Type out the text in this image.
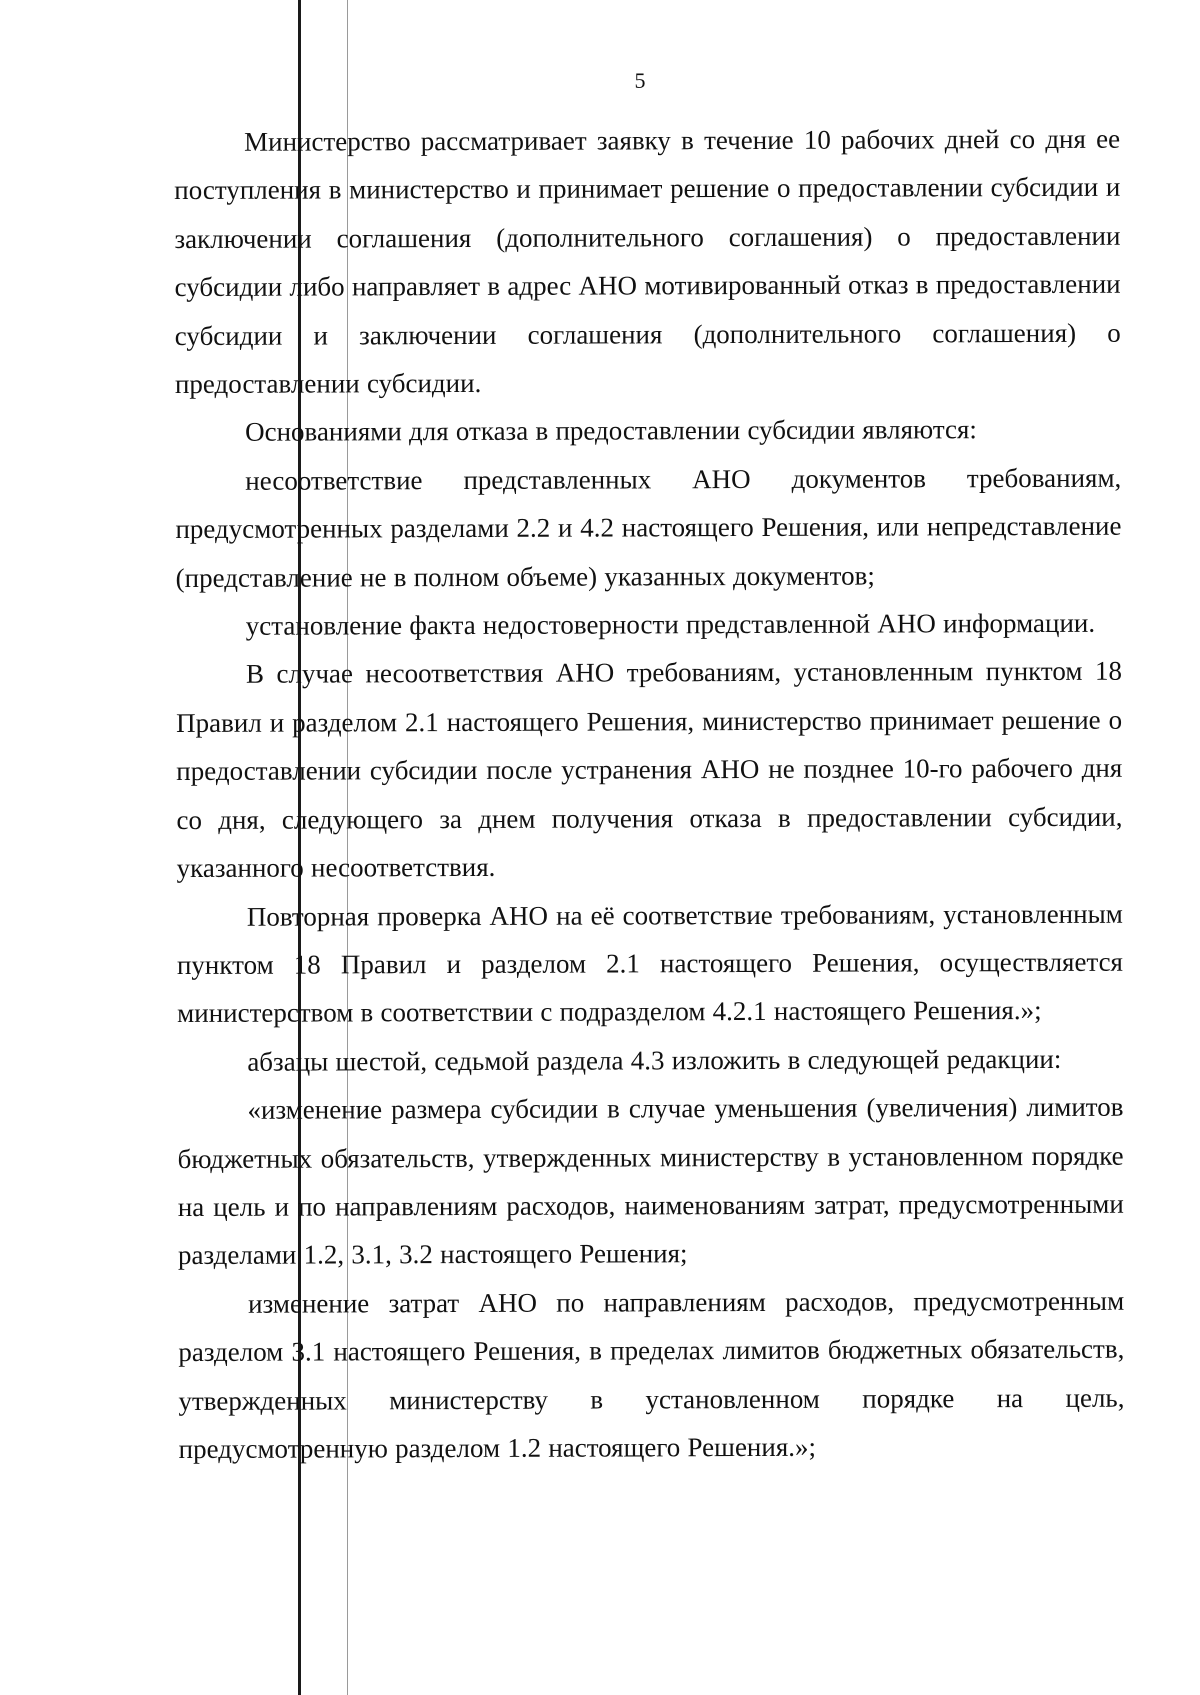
5

Министерство рассматривает заявку в течение 10 рабочих дней со дня ее поступления в министерство и принимает решение о предоставлении субсидии и заключении соглашения (дополнительного соглашения) о предоставлении субсидии либо направляет в адрес АНО мотивированный отказ в предоставлении субсидии и заключении соглашения (дополнительного соглашения) о предоставлении субсидии.

Основаниями для отказа в предоставлении субсидии являются:

несоответствие представленных АНО документов требованиям, предусмотренных разделами 2.2 и 4.2 настоящего Решения, или непредставление (представление не в полном объеме) указанных документов;

установление факта недостоверности представленной АНО информации.

В случае несоответствия АНО требованиям, установленным пунктом 18 Правил и разделом 2.1 настоящего Решения, министерство принимает решение о предоставлении субсидии после устранения АНО не позднее 10-го рабочего дня со дня, следующего за днем получения отказа в предоставлении субсидии, указанного несоответствия.

Повторная проверка АНО на её соответствие требованиям, установленным пунктом 18 Правил и разделом 2.1 настоящего Решения, осуществляется министерством в соответствии с подразделом 4.2.1 настоящего Решения.»;

абзацы шестой, седьмой раздела 4.3 изложить в следующей редакции:

«изменение размера субсидии в случае уменьшения (увеличения) лимитов бюджетных обязательств, утвержденных министерству в установленном порядке на цель и по направлениям расходов, наименованиям затрат, предусмотренными разделами 1.2, 3.1, 3.2 настоящего Решения;

изменение затрат АНО по направлениям расходов, предусмотренным разделом 3.1 настоящего Решения, в пределах лимитов бюджетных обязательств, утвержденных министерству в установленном порядке на цель, предусмотренную разделом 1.2 настоящего Решения.»;
